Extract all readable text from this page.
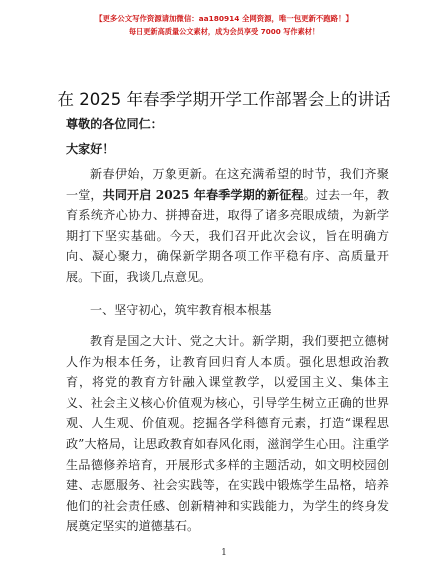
【更多公文写作资源请加微信：aa180914 全网资源，唯一包更新不跑路！】
每日更新高质量公文素材，成为会员享受 7000 写作素材！
在 2025 年春季学期开学工作部署会上的讲话
尊敬的各位同仁：
大家好！
新春伊始，万象更新。在这充满希望的时节，我们齐聚一堂，共同开启 2025 年春季学期的新征程。过去一年，教育系统齐心协力、拼搏奋进，取得了诸多亮眼成绩，为新学期打下坚实基础。今天，我们召开此次会议，旨在明确方向、凝心聚力，确保新学期各项工作平稳有序、高质量开展。下面，我谈几点意见。
一、坚守初心，筑牢教育根本根基
教育是国之大计、党之大计。新学期，我们要把立德树人作为根本任务，让教育回归育人本质。强化思想政治教育，将党的教育方针融入课堂教学，以爱国主义、集体主义、社会主义核心价值观为核心，引导学生树立正确的世界观、人生观、价值观。挖掘各学科德育元素，打造“课程思政”大格局，让思政教育如春风化雨，滋润学生心田。注重学生品德修养培育，开展形式多样的主题活动，如文明校园创建、志愿服务、社会实践等，在实践中锻炼学生品格，培养他们的社会责任感、创新精神和实践能力，为学生的终身发展奠定坚实的道德基石。
1
